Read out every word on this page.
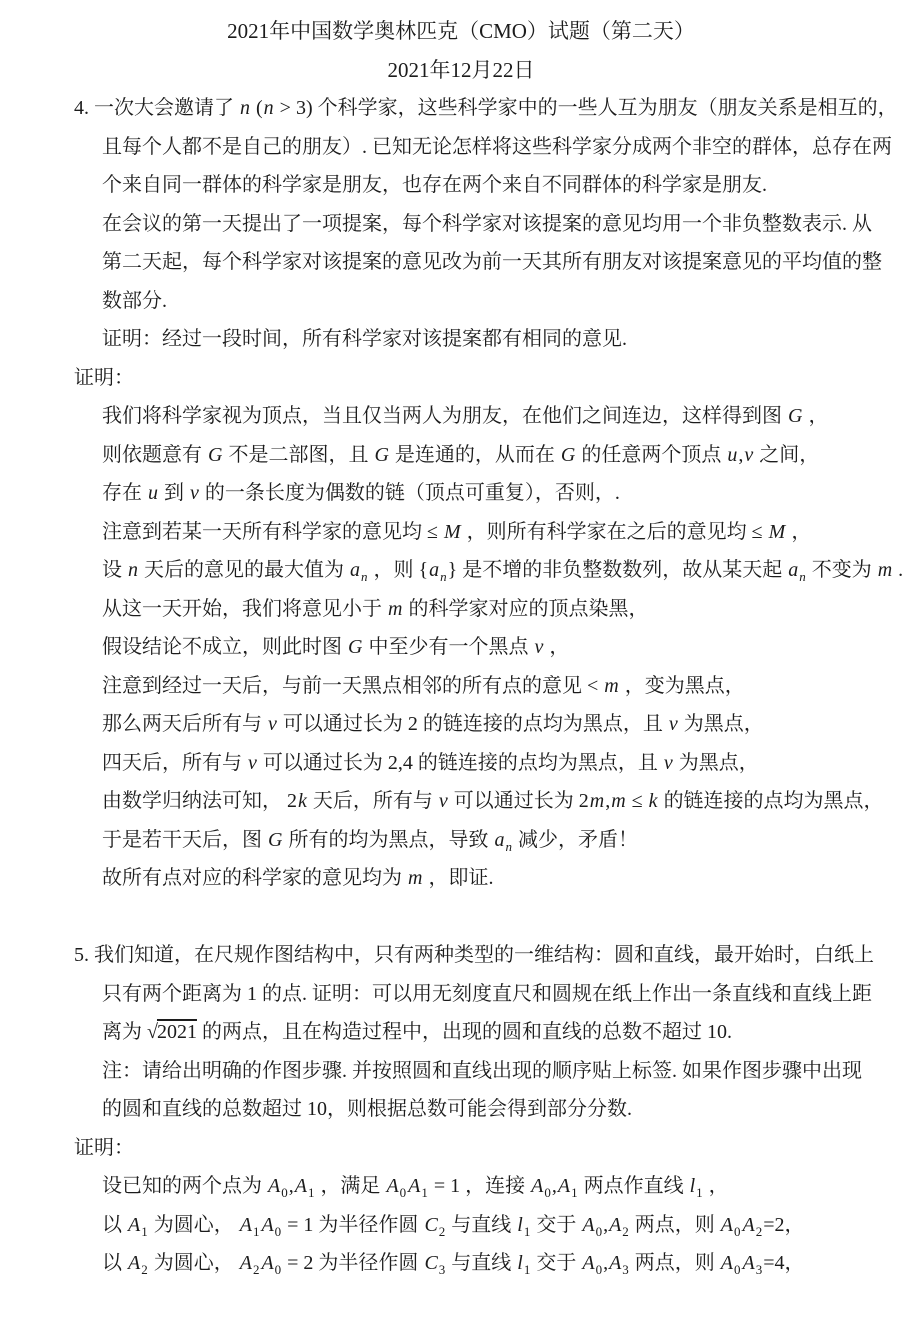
2021年中国数学奥林匹克（CMO）试题（第二天）
2021年12月22日
4. 一次大会邀请了 n (n > 3) 个科学家，这些科学家中的一些人互为朋友（朋友关系是相互的，
且每个人都不是自己的朋友）. 已知无论怎样将这些科学家分成两个非空的群体，总存在两
个来自同一群体的科学家是朋友，也存在两个来自不同群体的科学家是朋友.
在会议的第一天提出了一项提案，每个科学家对该提案的意见均用一个非负整数表示. 从
第二天起，每个科学家对该提案的意见改为前一天其所有朋友对该提案意见的平均值的整
数部分.
证明：经过一段时间，所有科学家对该提案都有相同的意见.
证明：
我们将科学家视为顶点，当且仅当两人为朋友，在他们之间连边，这样得到图 G ，
则依题意有 G 不是二部图，且 G 是连通的，从而在 G 的任意两个顶点 u,v 之间，
存在 u 到 v 的一条长度为偶数的链（顶点可重复），否则，.
注意到若某一天所有科学家的意见均 ≤ M ，则所有科学家在之后的意见均 ≤ M ，
设 n 天后的意见的最大值为 $a_n$ ，则 $\{a_n\}$ 是不增的非负整数数列，故从某天起 $a_n$ 不变为 m .
从这一天开始，我们将意见小于 m 的科学家对应的顶点染黑，
假设结论不成立，则此时图 G 中至少有一个黑点 v ，
注意到经过一天后，与前一天黑点相邻的所有点的意见 < m ，变为黑点，
那么两天后所有与 v 可以通过长为 2 的链连接的点均为黑点，且 v 为黑点，
四天后，所有与 v 可以通过长为 2,4 的链连接的点均为黑点，且 v 为黑点，
由数学归纳法可知， 2k 天后，所有与 v 可以通过长为 2m,m ≤ k 的链连接的点均为黑点，
于是若干天后，图 G 所有的均为黑点，导致 $a_n$ 减少，矛盾！
故所有点对应的科学家的意见均为 m ，即证.
5. 我们知道，在尺规作图结构中，只有两种类型的一维结构：圆和直线，最开始时，白纸上
只有两个距离为 1 的点. 证明：可以用无刻度直尺和圆规在纸上作出一条直线和直线上距
离为 √2021 的两点，且在构造过程中，出现的圆和直线的总数不超过 10.
注：请给出明确的作图步骤. 并按照圆和直线出现的顺序贴上标签. 如果作图步骤中出现
的圆和直线的总数超过 10，则根据总数可能会得到部分分数.
证明：
设已知的两个点为 $A_0,A_1$ ，满足 $A_0$ $A_1 = 1$ ，连接 $A_0,A_1$ 两点作直线 $l_1$ ，
以 $A_1$ 为圆心， $A_1$ $A_0 = 1$ 为半径作圆 $C_2$ 与直线 $l_1$ 交于 $A_0,A_2$ 两点，则 $A_0$ $A_2=2$，
以 $A_2$ 为圆心， $A_2$ $A_0 = 2$ 为半径作圆 $C_3$ 与直线 $l_1$ 交于 $A_0,A_3$ 两点，则 $A_0$ $A_3=4$，
